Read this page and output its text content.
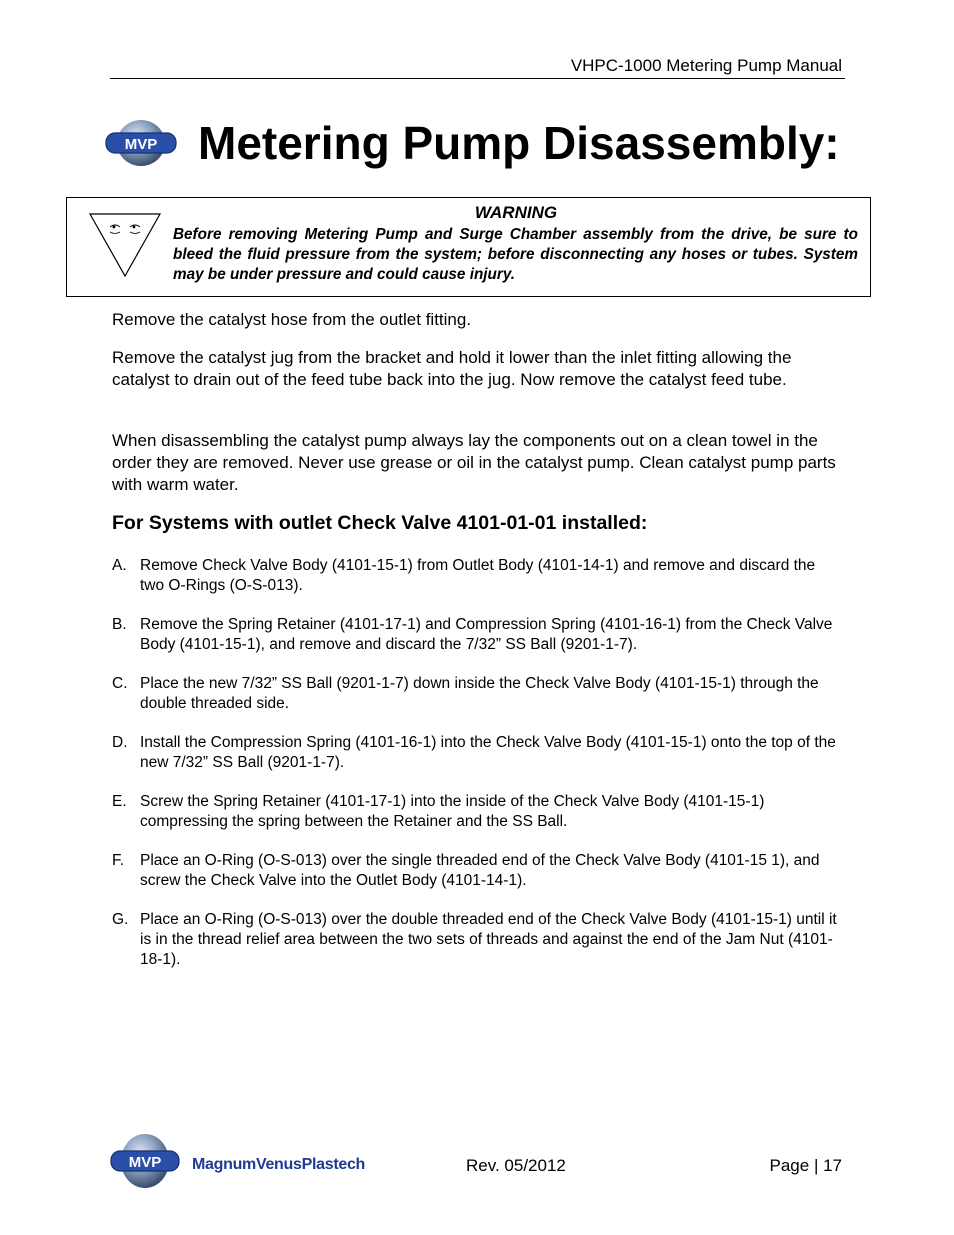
VHPC-1000 Metering Pump Manual
MVP Metering Pump Disassembly:
WARNING
Before removing Metering Pump and Surge Chamber assembly from the drive, be sure to bleed the fluid pressure from the system; before disconnecting any hoses or tubes. System may be under pressure and could cause injury.
Remove the catalyst hose from the outlet fitting.
Remove the catalyst jug from the bracket and hold it lower than the inlet fitting allowing the catalyst to drain out of the feed tube back into the jug. Now remove the catalyst feed tube.
When disassembling the catalyst pump always lay the components out on a clean towel in the order they are removed. Never use grease or oil in the catalyst pump. Clean catalyst pump parts with warm water.
For Systems with outlet Check Valve 4101-01-01 installed:
A. Remove Check Valve Body (4101-15-1) from Outlet Body (4101-14-1) and remove and discard the two O-Rings (O-S-013).
B. Remove the Spring Retainer (4101-17-1) and Compression Spring (4101-16-1) from the Check Valve Body (4101-15-1), and remove and discard the 7/32” SS Ball (9201-1-7).
C. Place the new 7/32” SS Ball (9201-1-7) down inside the Check Valve Body (4101-15-1) through the double threaded side.
D. Install the Compression Spring (4101-16-1) into the Check Valve Body (4101-15-1) onto the top of the new 7/32” SS Ball (9201-1-7).
E. Screw the Spring Retainer (4101-17-1) into the inside of the Check Valve Body (4101-15-1) compressing the spring between the Retainer and the SS Ball.
F. Place an O-Ring (O-S-013) over the single threaded end of the Check Valve Body (4101-15 1), and screw the Check Valve into the Outlet Body (4101-14-1).
G. Place an O-Ring (O-S-013) over the double threaded end of the Check Valve Body (4101-15-1) until it is in the thread relief area between the two sets of threads and against the end of the Jam Nut (4101-18-1).
MVP MagnumVenusPlastech	Rev. 05/2012	Page | 17
